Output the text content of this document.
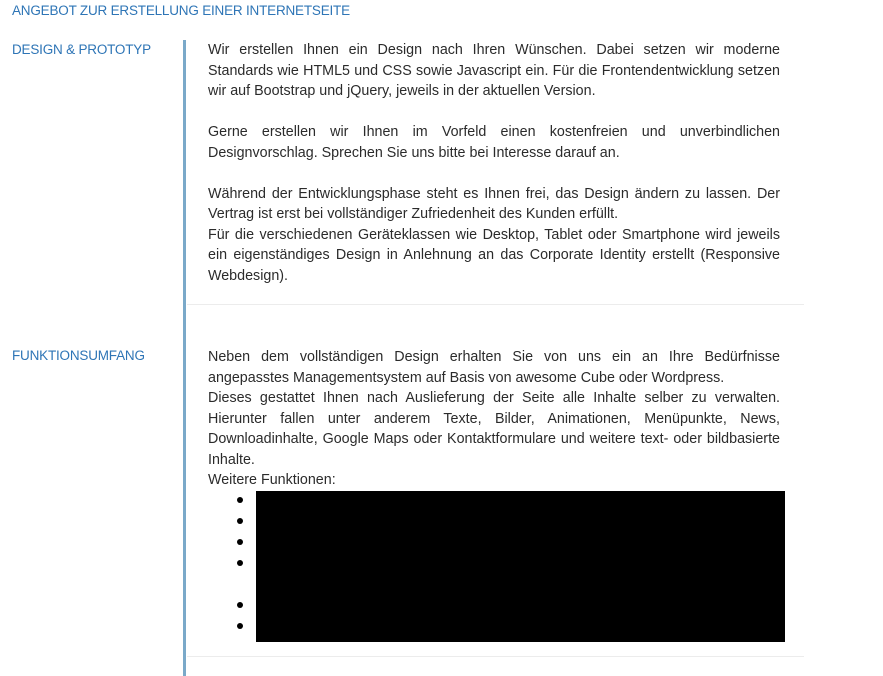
ANGEBOT ZUR ERSTELLUNG EINER INTERNETSEITE
DESIGN & PROTOTYP	Wir erstellen Ihnen ein Design nach Ihren Wünschen. Dabei setzen wir moderne Standards wie HTML5 und CSS sowie Javascript ein. Für die Frontendentwicklung setzen wir auf Bootstrap und jQuery, jeweils in der aktuellen Version.

Gerne erstellen wir Ihnen im Vorfeld einen kostenfreien und unverbindlichen Designvorschlag. Sprechen Sie uns bitte bei Interesse darauf an.

Während der Entwicklungsphase steht es Ihnen frei, das Design ändern zu lassen. Der Vertrag ist erst bei vollständiger Zufriedenheit des Kunden erfüllt.

Für die verschiedenen Geräteklassen wie Desktop, Tablet oder Smartphone wird jeweils ein eigenständiges Design in Anlehnung an das Corporate Identity erstellt (Responsive Webdesign).

FUNKTIONSUMFANG	Neben dem vollständigen Design erhalten Sie von uns ein an Ihre Bedürfnisse angepasstes Managementsystem auf Basis von awesome Cube oder Wordpress.

Dieses gestattet Ihnen nach Auslieferung der Seite alle Inhalte selber zu verwalten. Hierunter fallen unter anderem Texte, Bilder, Animationen, Menüpunkte, News, Downloadinhalte, Google Maps oder Kontaktformulare und weitere text- oder bildbasierte Inhalte.

Weitere Funktionen:
